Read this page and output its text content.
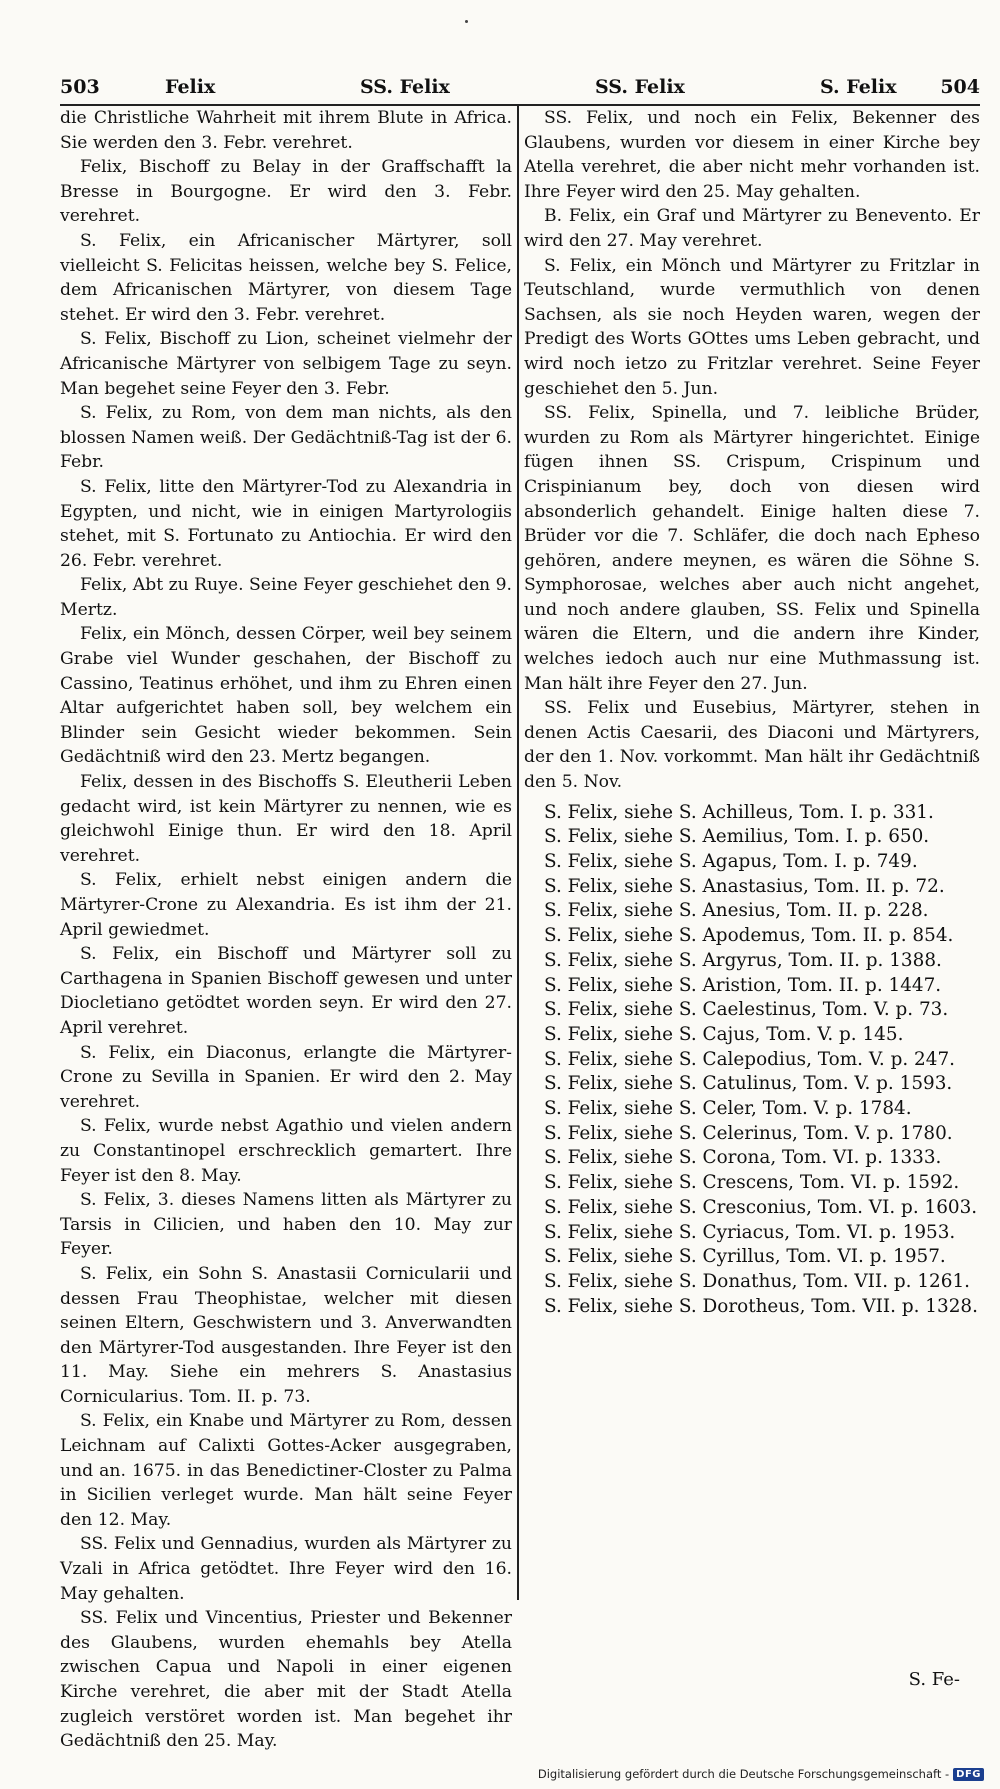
503	Felix	SS. Felix	SS. Felix	S. Felix 504

die Christliche Wahrheit mit ihrem Blute in Africa. Sie werden den 3. Febr. verehret.

Felix, Bischoff zu Belay in der Graffschafft la Bresse in Bourgogne. Er wird den 3. Febr. verehret.

S. Felix, ein Africanischer Märtyrer, soll vielleicht S. Felicitas heissen, welche bey S. Felice, dem Africanischen Märtyrer, von diesem Tage stehet. Er wird den 3. Febr. verehret.

S. Felix, Bischoff zu Lion, scheinet vielmehr der Africanische Märtyrer von selbigem Tage zu seyn. Man begehet seine Feyer den 3. Febr.

S. Felix, zu Rom, von dem man nichts, als den blossen Namen weiß. Der Gedächtniß-Tag ist der 6. Febr.

S. Felix, litte den Märtyrer-Tod zu Alexandria in Egypten, und nicht, wie in einigen Martyrologiis stehet, mit S. Fortunato zu Antiochia. Er wird den 26. Febr. verehret.

Felix, Abt zu Ruye. Seine Feyer geschiehet den 9. Mertz.

Felix, ein Mönch, dessen Cörper, weil bey seinem Grabe viel Wunder geschahen, der Bischoff zu Cassino, Teatinus erhöhet, und ihm zu Ehren einen Altar aufgerichtet haben soll, bey welchem ein Blinder sein Gesicht wieder bekommen. Sein Gedächtniß wird den 23. Mertz begangen.

Felix, dessen in des Bischoffs S. Eleutherii Leben gedacht wird, ist kein Märtyrer zu nennen, wie es gleichwohl Einige thun. Er wird den 18. April verehret.

S. Felix, erhielt nebst einigen andern die Märtyrer-Crone zu Alexandria. Es ist ihm der 21. April gewiedmet.

S. Felix, ein Bischoff und Märtyrer soll zu Carthagena in Spanien Bischoff gewesen und unter Diocletiano getödtet worden seyn. Er wird den 27. April verehret.

S. Felix, ein Diaconus, erlangte die Märtyrer-Crone zu Sevilla in Spanien. Er wird den 2. May verehret.

S. Felix, wurde nebst Agathio und vielen andern zu Constantinopel erschrecklich gemartert. Ihre Feyer ist den 8. May.

S. Felix, 3. dieses Namens litten als Märtyrer zu Tarsis in Cilicien, und haben den 10. May zur Feyer.

S. Felix, ein Sohn S. Anastasii Cornicularii und dessen Frau Theophistae, welcher mit diesen seinen Eltern, Geschwistern und 3. Anverwandten den Märtyrer-Tod ausgestanden. Ihre Feyer ist den 11. May. Siehe ein mehrers S. Anastasius Cornicularius. Tom. II. p. 73.

S. Felix, ein Knabe und Märtyrer zu Rom, dessen Leichnam auf Calixti Gottes-Acker ausgegraben, und an. 1675. in das Benedictiner-Closter zu Palma in Sicilien verleget wurde. Man hält seine Feyer den 12. May.

SS. Felix und Gennadius, wurden als Märtyrer zu Vzali in Africa getödtet. Ihre Feyer wird den 16. May gehalten.

SS. Felix und Vincentius, Priester und Bekenner des Glaubens, wurden ehemahls bey Atella zwischen Capua und Napoli in einer eigenen Kirche verehret, die aber mit der Stadt Atella zugleich verstöret worden ist. Man begehet ihr Gedächtniß den 25. May.

SS. Felix, und noch ein Felix, Bekenner des Glaubens, wurden vor diesem in einer Kirche bey Atella verehret, die aber nicht mehr vorhanden ist. Ihre Feyer wird den 25. May gehalten.

B. Felix, ein Graf und Märtyrer zu Benevento. Er wird den 27. May verehret.

S. Felix, ein Mönch und Märtyrer zu Fritzlar in Teutschland, wurde vermuthlich von denen Sachsen, als sie noch Heyden waren, wegen der Predigt des Worts GOttes ums Leben gebracht, und wird noch ietzo zu Fritzlar verehret. Seine Feyer geschiehet den 5. Jun.

SS. Felix, Spinella, und 7. leibliche Brüder, wurden zu Rom als Märtyrer hingerichtet. Einige fügen ihnen SS. Crispum, Crispinum und Crispinianum bey, doch von diesen wird absonderlich gehandelt. Einige halten diese 7. Brüder vor die 7. Schläfer, die doch nach Epheso gehören, andere meynen, es wären die Söhne S. Symphorosae, welches aber auch nicht angehet, und noch andere glauben, SS. Felix und Spinella wären die Eltern, und die andern ihre Kinder, welches iedoch auch nur eine Muthmassung ist. Man hält ihre Feyer den 27. Jun.

SS. Felix und Eusebius, Märtyrer, stehen in denen Actis Caesarii, des Diaconi und Märtyrers, der den 1. Nov. vorkommt. Man hält ihr Gedächtniß den 5. Nov.

S. Felix, siehe S. Achilleus, Tom. I. p. 331.
S. Felix, siehe S. Aemilius, Tom. I. p. 650.
S. Felix, siehe S. Agapus, Tom. I. p. 749.
S. Felix, siehe S. Anastasius, Tom. II. p. 72.
S. Felix, siehe S. Anesius, Tom. II. p. 228.
S. Felix, siehe S. Apodemus, Tom. II. p. 854.
S. Felix, siehe S. Argyrus, Tom. II. p. 1388.
S. Felix, siehe S. Aristion, Tom. II. p. 1447.
S. Felix, siehe S. Caelestinus, Tom. V. p. 73.
S. Felix, siehe S. Cajus, Tom. V. p. 145.
S. Felix, siehe S. Calepodius, Tom. V. p. 247.
S. Felix, siehe S. Catulinus, Tom. V. p. 1593.
S. Felix, siehe S. Celer, Tom. V. p. 1784.
S. Felix, siehe S. Celerinus, Tom. V. p. 1780.
S. Felix, siehe S. Corona, Tom. VI. p. 1333.
S. Felix, siehe S. Crescens, Tom. VI. p. 1592.
S. Felix, siehe S. Cresconius, Tom. VI. p. 1603.
S. Felix, siehe S. Cyriacus, Tom. VI. p. 1953.
S. Felix, siehe S. Cyrillus, Tom. VI. p. 1957.
S. Felix, siehe S. Donathus, Tom. VII. p. 1261.
S. Felix, siehe S. Dorotheus, Tom. VII. p. 1328.
S. Fe-
Digitalisierung gefördert durch die Deutsche Forschungsgemeinschaft - DFG
